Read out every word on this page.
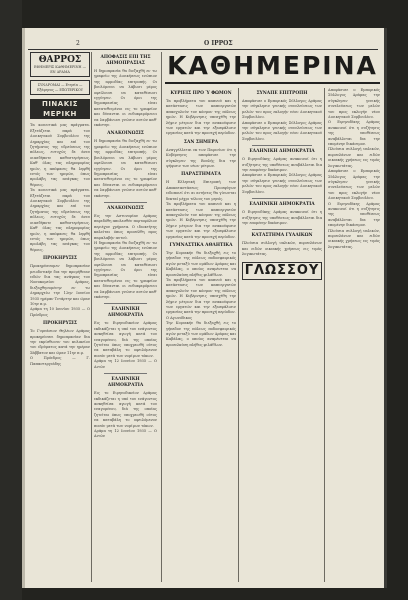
2	Ο ΙΡΡΟΣ
ΚΑΘΗΜΕΡΙΝΑ
ΘΑΡΡΟΣ
ΕΦΗΜΕΡΙΣ ΚΑΘΗΜΕΡΙΝΗ — ΕΝ ΔΡΑΜΑ
ΣΥΝΔΡΟΜΑΙ — Ετησία — Εξάμηνος — ΕΞΩΤΕΡΙΚΟΥ
ΠΙΝΑΚΙΣ ΜΕΡΙΚΗ
Τα κοινοτικά μας πράγματα. Εξετάζεται παρά του Διοικητικού Συμβουλίου της Δημαρχίας και επί του ζητήματος της υδρεύσεως της πόλεως, ευτυχώς δε άνευ οιασδήποτε καθυστερήσεως. Καθ' όλας τας πληροφορίας ημών, η απόφασις θα ληφθή εντός των ημερών, όπως προλάβη τας ανάγκας του θέρους.
Τα κοινοτικά μας πράγματα. Εξετάζεται παρά του Διοικητικού Συμβουλίου της Δημαρχίας και επί του ζητήματος της υδρεύσεως της πόλεως, ευτυχώς δε άνευ οιασδήποτε καθυστερήσεως. Καθ' όλας τας πληροφορίας ημών, η απόφασις θα ληφθή εντός των ημερών, όπως προλάβη τας ανάγκας του θέρους.
ΠΡΟΚΗΡΥΞΙΣ
Προκηρύσσομεν δημοπρασίαν μειοδοτικήν δια την προμήθειαν ειδών δια τας ανάγκας του Νοσοκομείου Δράμας, διεξαχθησομένην εν τω Δημαρχείω την 12ην Ιουνίου 1935 ημέραν Τετάρτην και ώραν 10ην π.μ.
Δράμα τη 10 Ιουνίου 1935 — Ο Πρόεδρος
ΠΡΟΚΗΡΥΞΙΣ
Το Γυμνάσιον Θηλέων Δράμας προκηρύσσει δημοπρασίαν δια την εκμίσθωσιν του κυλικείου του ιδρύματος κατά την ημέραν Σάββατον και ώραν 11ην π.μ.
Ο Πρόεδρος — Γ. Παπαστεργιάδης
ΑΠΟΦΑΣΙΣ ΕΠΙ ΤΗΣ ΔΗΜΟΠΡΑΣΙΑΣ
Η δημοπρασία θα διεξαχθή εν τω γραφείω της Διοικήσεως ενώπιον της αρμοδίας επιτροπής. Οι βουλόμενοι να λάβωσι μέρος οφείλουσι να καταθέσωσι εγγύησιν. Οι όροι της δημοπρασίας είναι κατατεθειμένοι εις το γραφείον και δύνανται οι ενδιαφερόμενοι να λαμβάνωσι γνώσιν αυτών καθ' εκάστην.
ΑΝΑΚΟΙΝΩΣΙΣ
Η δημοπρασία θα διεξαχθή εν τω γραφείω της Διοικήσεως ενώπιον της αρμοδίας επιτροπής. Οι βουλόμενοι να λάβωσι μέρος οφείλουσι να καταθέσωσι εγγύησιν. Οι όροι της δημοπρασίας είναι κατατεθειμένοι εις το γραφείον και δύνανται οι ενδιαφερόμενοι να λαμβάνωσι γνώσιν αυτών καθ' εκάστην.
ΑΝΑΚΟΙΝΩΣΙΣ
Εις την Αστυνομίαν Δράμας παρεδόθη απολεσθέν πορτοφόλιον περιέχον χρήματα. Ο ιδιοκτήτης καλείται όπως προσέλθη προς παραλαβήν αυτού.
Η δημοπρασία θα διεξαχθή εν τω γραφείω της Διοικήσεως ενώπιον της αρμοδίας επιτροπής. Οι βουλόμενοι να λάβωσι μέρος οφείλουσι να καταθέσωσι εγγύησιν. Οι όροι της δημοπρασίας είναι κατατεθειμένοι εις το γραφείον και δύνανται οι ενδιαφερόμενοι να λαμβάνωσι γνώσιν αυτών καθ' εκάστην.
ΕΛΛΗΝΙΚΗ ΔΗΜΟΚΡΑΤΙΑ
Εις το Ειρηνοδικείον Δράμας εκδικάζεται η υπό του ενάγοντος ασκηθείσα αγωγή κατά του εναγομένου, διά της οποίας ζητείται όπως υποχρεωθή ούτος να καταβάλη το οφειλόμενον ποσόν μετά των νομίμων τόκων.
Δράμα τη 12 Ιουνίου 1935 — Ο Αιτών
ΕΛΛΗΝΙΚΗ ΔΗΜΟΚΡΑΤΙΑ
Εις το Ειρηνοδικείον Δράμας εκδικάζεται η υπό του ενάγοντος ασκηθείσα αγωγή κατά του εναγομένου, διά της οποίας ζητείται όπως υποχρεωθή ούτος να καταβάλη το οφειλόμενον ποσόν μετά των νομίμων τόκων.
Δράμα τη 12 Ιουνίου 1935 — Ο Αιτών
ΚΥΡΙΕΙΣ ΠΡΟ Ύ ΦΩΜΟΝ
Τα προβλήματα του καπνού και η κατάστασις των καπνεργατών απασχολούν τον κόσμον της πόλεως ημών. Η Κυβέρνησις υπεσχέθη την λήψιν μέτρων δια την ανακούφισιν των εργατών και την εξασφάλισιν εργασίας κατά την προσεχή περίοδον.
ΣΑΝ ΣΗΜΕΡΑ
Αναγγέλλεται εκ των Παρισίων ότι η Κυβέρνησις απεφάσισε την σύγκλησιν της Βουλής δια την ψήφισιν των νέων μέτρων.
ΠΑΡΑΣΤΗΜΑΤΑ
Η Ελληνική Επιτροπή των Αποκαταστάσεως Προσφύγων ειδοποιεί ότι αι αιτήσεις θα γίνωνται δεκταί μέχρι τέλους του μηνός.
Τα προβλήματα του καπνού και η κατάστασις των καπνεργατών απασχολούν τον κόσμον της πόλεως ημών. Η Κυβέρνησις υπεσχέθη την λήψιν μέτρων δια την ανακούφισιν των εργατών και την εξασφάλισιν εργασίας κατά την προσεχή περίοδον.
ΓΥΜΝΑΣΤΙΚΑ ΑΘΛΗΤΙΚΑ
Την Κυριακήν θα διεξαχθή εις το γήπεδον της πόλεως ποδοσφαιρικός αγών μεταξύ των ομάδων Δράμας και Καβάλας, ο οποίος αναμένεται να προσελκύση πλήθος φιλάθλων.
Τα προβλήματα του καπνού και η κατάστασις των καπνεργατών απασχολούν τον κόσμον της πόλεως ημών. Η Κυβέρνησις υπεσχέθη την λήψιν μέτρων δια την ανακούφισιν των εργατών και την εξασφάλισιν εργασίας κατά την προσεχή περίοδον.
Ο Αγωνόδικος
Την Κυριακήν θα διεξαχθή εις το γήπεδον της πόλεως ποδοσφαιρικός αγών μεταξύ των ομάδων Δράμας και Καβάλας, ο οποίος αναμένεται να προσελκύση πλήθος φιλάθλων.
ΣΥΝΑΠΕ ΕΠΙΤΡΟΠΗ
Αποφάσισε ο Εμπορικός Σύλλογος Δράμας την σύγκλησιν γενικής συνελεύσεως των μελών του προς εκλογήν νέου Διοικητικού Συμβουλίου.
Αποφάσισε ο Εμπορικός Σύλλογος Δράμας την σύγκλησιν γενικής συνελεύσεως των μελών του προς εκλογήν νέου Διοικητικού Συμβουλίου.
ΕΛΛΗΝΙΚΗ ΔΗΜΟΚΡΑΤΙΑ
Ο Ειρηνοδίκης Δράμας ανακοινοί ότι η συζήτησις της υποθέσεως αναβάλλεται δια την επομένην δικάσιμον.
Αποφάσισε ο Εμπορικός Σύλλογος Δράμας την σύγκλησιν γενικής συνελεύσεως των μελών του προς εκλογήν νέου Διοικητικού Συμβουλίου.
ΕΛΛΗΝΙΚΗ ΔΗΜΟΚΡΑΤΙΑ
Ο Ειρηνοδίκης Δράμας ανακοινοί ότι η συζήτησις της υποθέσεως αναβάλλεται δια την επομένην δικάσιμον.
ΚΑΤΑΣΤΗΜΑ ΓΥΑΛΙΚΩΝ
Πλούσια συλλογή υαλικών, πορσελάνων και ειδών οικιακής χρήσεως εις τιμάς λογικωτάτας.
ΓΛΩΣΣΟΥ
Αποφάσισε ο Εμπορικός Σύλλογος Δράμας την σύγκλησιν γενικής συνελεύσεως των μελών του προς εκλογήν νέου Διοικητικού Συμβουλίου.
Ο Ειρηνοδίκης Δράμας ανακοινοί ότι η συζήτησις της υποθέσεως αναβάλλεται δια την επομένην δικάσιμον.
Πλούσια συλλογή υαλικών, πορσελάνων και ειδών οικιακής χρήσεως εις τιμάς λογικωτάτας.
Αποφάσισε ο Εμπορικός Σύλλογος Δράμας την σύγκλησιν γενικής συνελεύσεως των μελών του προς εκλογήν νέου Διοικητικού Συμβουλίου.
Ο Ειρηνοδίκης Δράμας ανακοινοί ότι η συζήτησις της υποθέσεως αναβάλλεται δια την επομένην δικάσιμον.
Πλούσια συλλογή υαλικών, πορσελάνων και ειδών οικιακής χρήσεως εις τιμάς λογικωτάτας.
